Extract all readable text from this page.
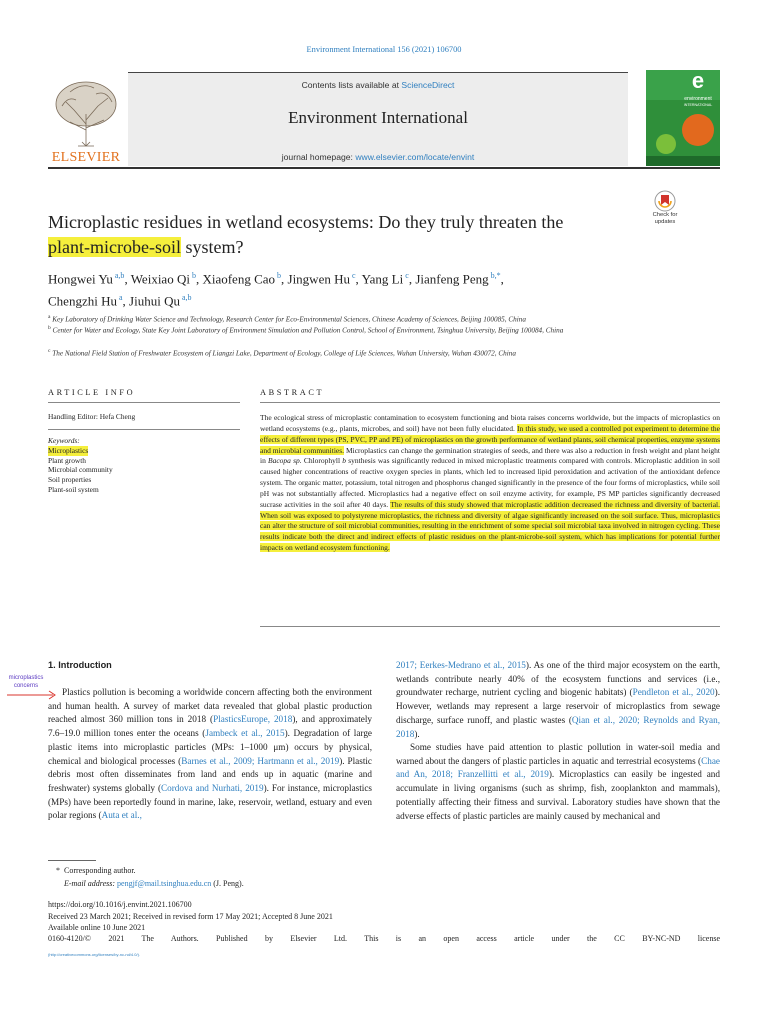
Environment International 156 (2021) 106700
ELSEVIER
Contents lists available at ScienceDirect
Environment International
journal homepage: www.elsevier.com/locate/envint
e
environment
INTERNATIONAL
Check for
updates
Microplastic residues in wetland ecosystems: Do they truly threaten the
plant-microbe-soil system?
Hongwei Yu $^{a,b}$, Weixiao Qi $^b$, Xiaofeng Cao $^b$, Jingwen Hu $^c$, Yang Li $^c$, Jianfeng Peng $^{b,*}$,
Chengzhi Hu $^a$, Jiuhui Qu $^{a,b}$
$^a$ Key Laboratory of Drinking Water Science and Technology, Research Center for Eco-Environmental Sciences, Chinese Academy of Sciences, Beijing 100085, China
$^b$ Center for Water and Ecology, State Key Joint Laboratory of Environment Simulation and Pollution Control, School of Environment, Tsinghua University, Beijing 100084, China
$^c$ The National Field Station of Freshwater Ecosystem of Liangzi Lake, Department of Ecology, College of Life Sciences, Wuhan University, Wuhan 430072, China
ARTICLE INFO	ABSTRACT
Handling Editor: Hefa Cheng
Keywords:
Microplastics
Plant growth
Microbial community
Soil properties
Plant-soil system
The ecological stress of microplastic contamination to ecosystem functioning and biota raises concerns worldwide, but the impacts of microplastics on wetland ecosystems (e.g., plants, microbes, and soil) have not been fully elucidated. In this study, we used a controlled pot experiment to determine the effects of different types (PS, PVC, PP and PE) of microplastics on the growth performance of wetland plants, soil chemical properties, enzyme systems and microbial communities. Microplastics can change the germination strategies of seeds, and there was also a reduction in fresh weight and plant height in Bacopa sp. Chlorophyll b synthesis was significantly reduced in mixed microplastic treatments compared with controls. Microplastic addition in soil caused higher concentrations of reactive oxygen species in plants, which led to increased lipid peroxidation and activation of the antioxidant defence system. The organic matter, potassium, total nitrogen and phosphorus changed significantly in the presence of the four forms of microplastics, while soil pH was not substantially affected. Microplastics had a negative effect on soil enzyme activity, for example, PS MP particles significantly decreased sucrase activities in the soil after 40 days. The results of this study showed that microplastic addition decreased the richness and diversity of bacterial. When soil was exposed to polystyrene microplastics, the richness and diversity of algae significantly increased on the soil surface. Thus, microplastics can alter the structure of soil microbial communities, resulting in the enrichment of some special soil microbial taxa involved in nitrogen cycling. These results indicate both the direct and indirect effects of plastic residues on the plant-microbe-soil system, which has implications for potential further impacts on wetland ecosystem functioning.
1. Introduction
microplastics concerns
Plastics pollution is becoming a worldwide concern affecting both the environment and human health. A survey of market data revealed that global plastic production reached almost 360 million tons in 2018 (PlasticsEurope, 2018), and approximately 7.6–19.0 million tones enter the oceans (Jambeck et al., 2015). Degradation of large plastic items into microplastic particles (MPs: 1–1000 μm) occurs by physical, chemical and biological processes (Barnes et al., 2009; Hartmann et al., 2019). Plastic debris most often disseminates from land and ends up in aquatic (marine and freshwater) systems globally (Cordova and Nurhati, 2019). For instance, microplastics (MPs) have been reportedly found in marine, lake, reservoir, wetland, estuary and even polar regions (Auta et al.,
2017; Eerkes-Medrano et al., 2015). As one of the third major ecosystem on the earth, wetlands contribute nearly 40% of the ecosystem functions and services (i.e., groundwater recharge, nutrient cycling and biogenic habitats) (Pendleton et al., 2020). However, wetlands may represent a large reservoir of microplastics from sewage discharge, surface runoff, and plastic wastes (Qian et al., 2020; Reynolds and Ryan, 2018).
Some studies have paid attention to plastic pollution in water-soil media and warned about the dangers of plastic particles in aquatic and terrestrial ecosystems (Chae and An, 2018; Franzellitti et al., 2019). Microplastics can easily be ingested and accumulate in living organisms (such as shrimp, fish, zooplankton and mammals), potentially affecting their fitness and survival. Laboratory studies have shown that the adverse effects of plastic particles are mainly caused by mechanical and
* Corresponding author.
E-mail address: pengjf@mail.tsinghua.edu.cn (J. Peng).
https://doi.org/10.1016/j.envint.2021.106700
Received 23 March 2021; Received in revised form 17 May 2021; Accepted 8 June 2021
Available online 10 June 2021
0160-4120/© 2021 The Authors. Published by Elsevier Ltd. This is an open access article under the CC BY-NC-ND license
(http://creativecommons.org/licenses/by-nc-nd/4.0/).
